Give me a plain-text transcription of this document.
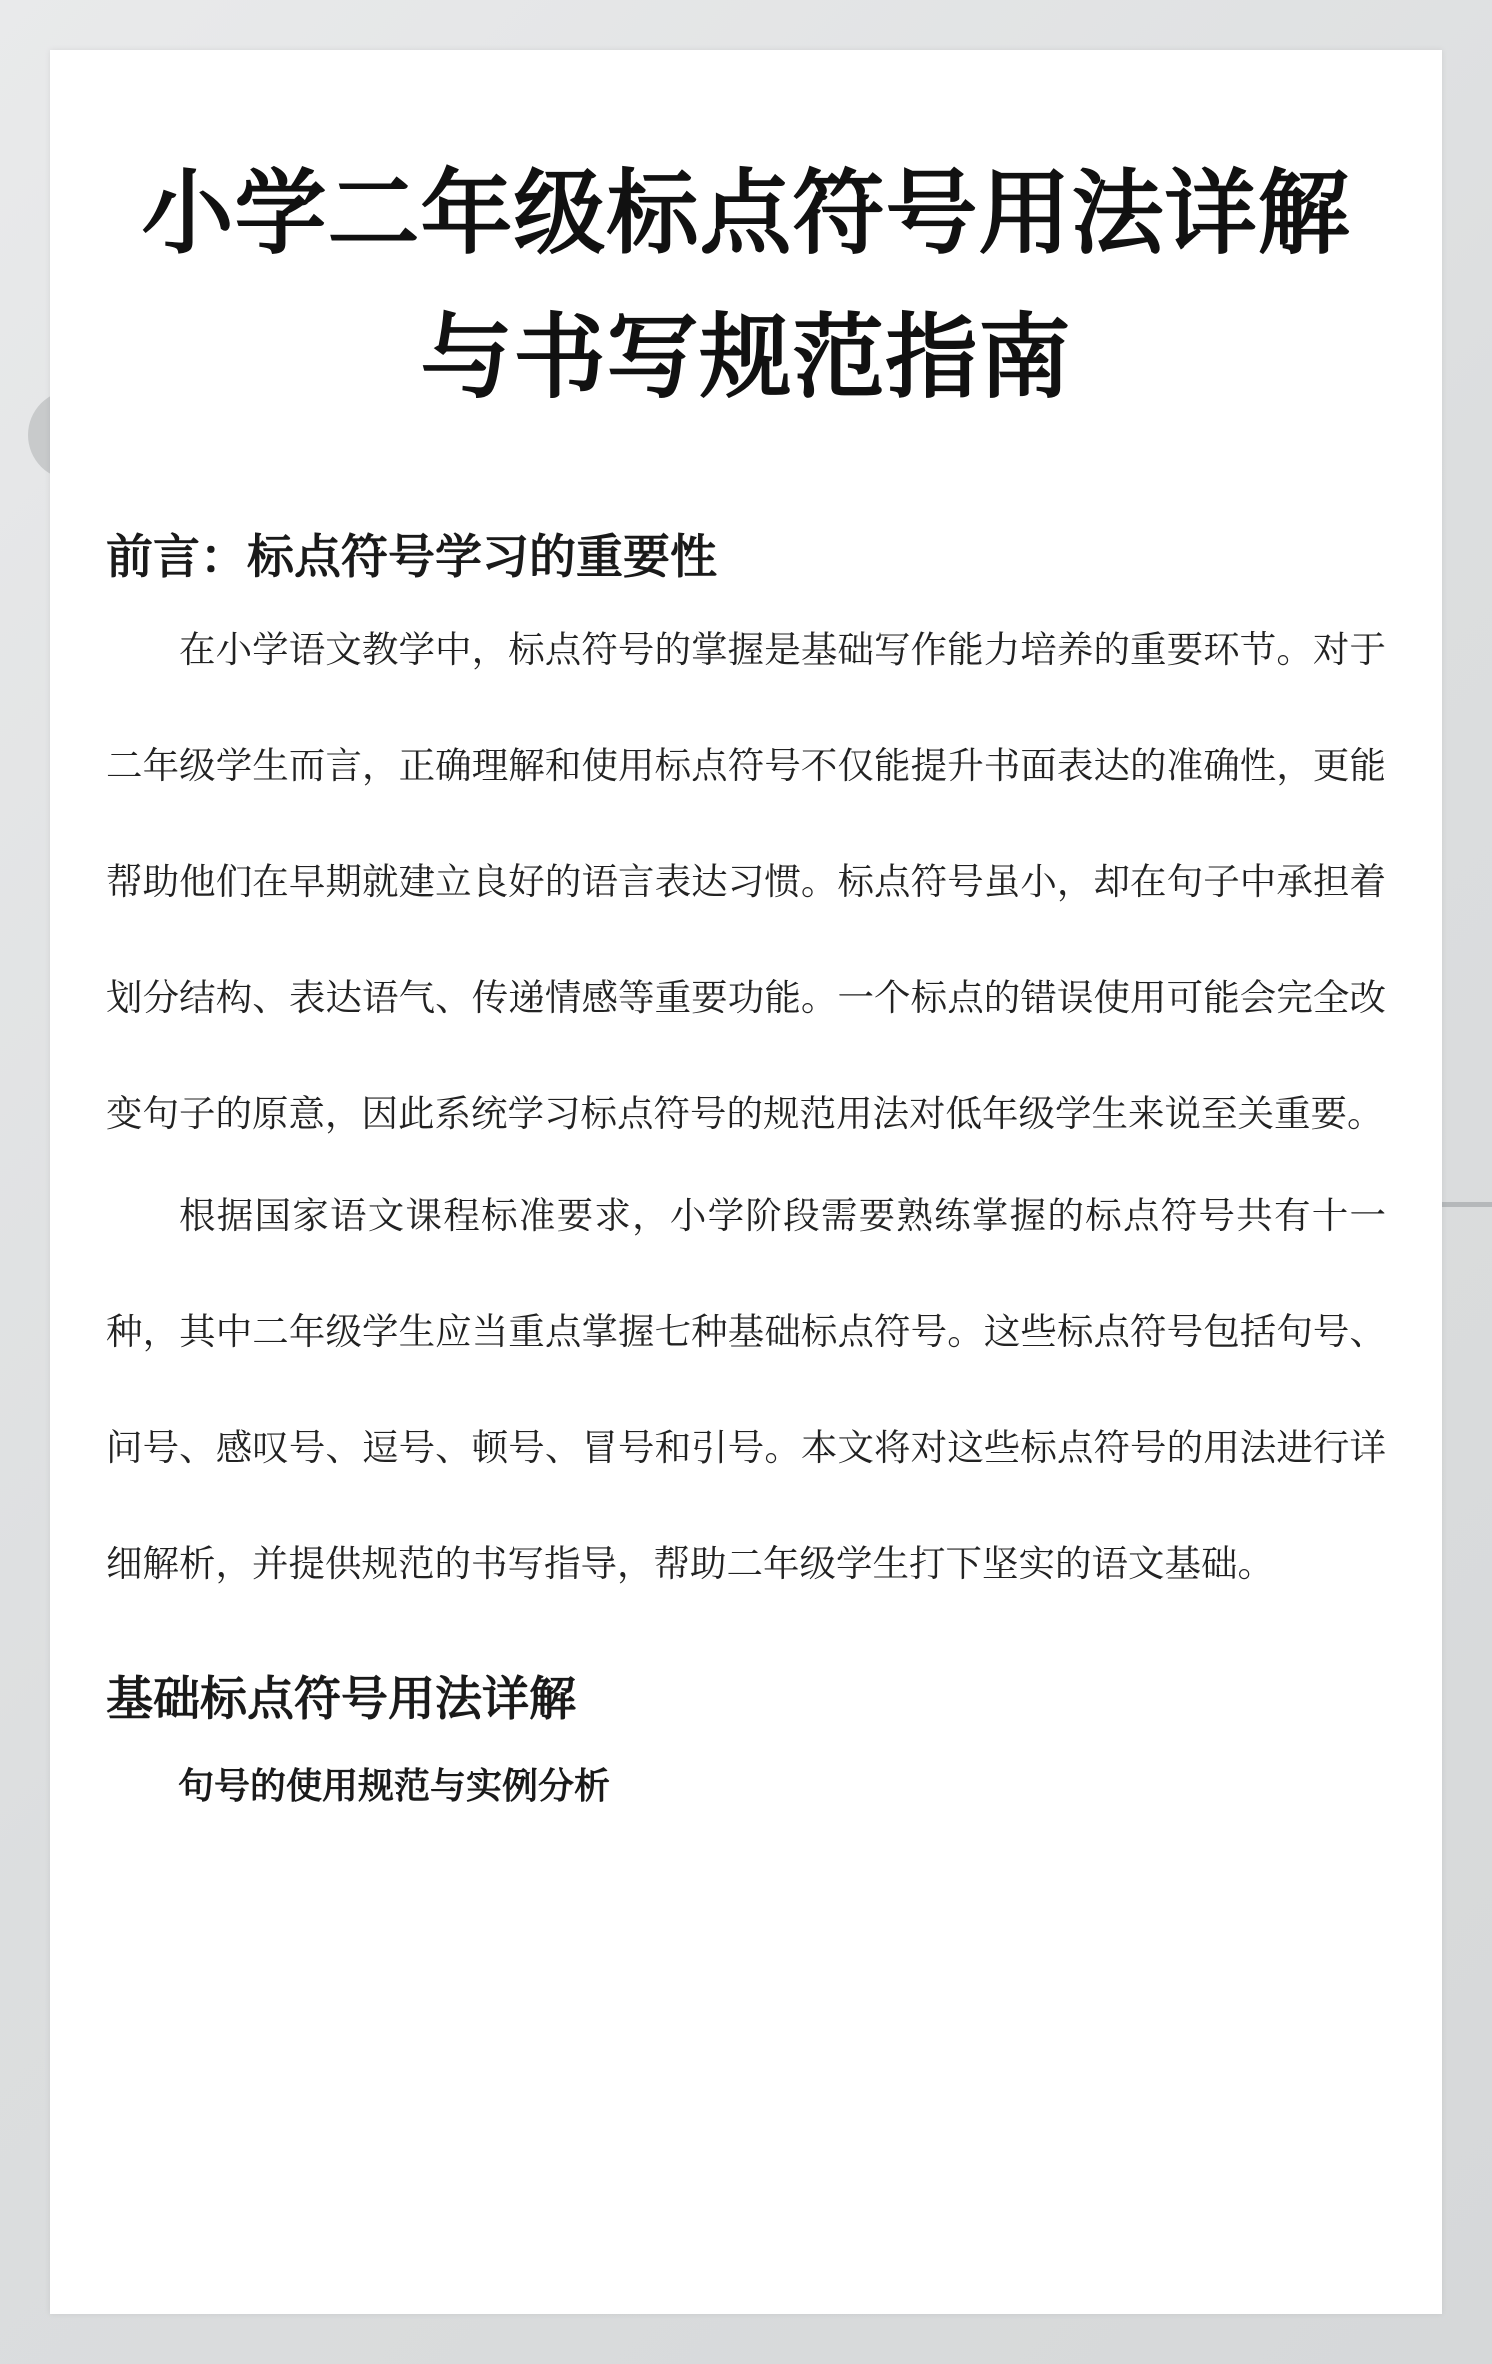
小学二年级标点符号用法详解
与书写规范指南
前言：标点符号学习的重要性

在小学语文教学中，标点符号的掌握是基础写作能力培养的重要环节。对于二年级学生而言，正确理解和使用标点符号不仅能提升书面表达的准确性，更能帮助他们在早期就建立良好的语言表达习惯。标点符号虽小，却在句子中承担着划分结构、表达语气、传递情感等重要功能。一个标点的错误使用可能会完全改变句子的原意，因此系统学习标点符号的规范用法对低年级学生来说至关重要。

根据国家语文课程标准要求，小学阶段需要熟练掌握的标点符号共有十一种，其中二年级学生应当重点掌握七种基础标点符号。这些标点符号包括句号、问号、感叹号、逗号、顿号、冒号和引号。本文将对这些标点符号的用法进行详细解析，并提供规范的书写指导，帮助二年级学生打下坚实的语文基础。

基础标点符号用法详解
句号的使用规范与实例分析
